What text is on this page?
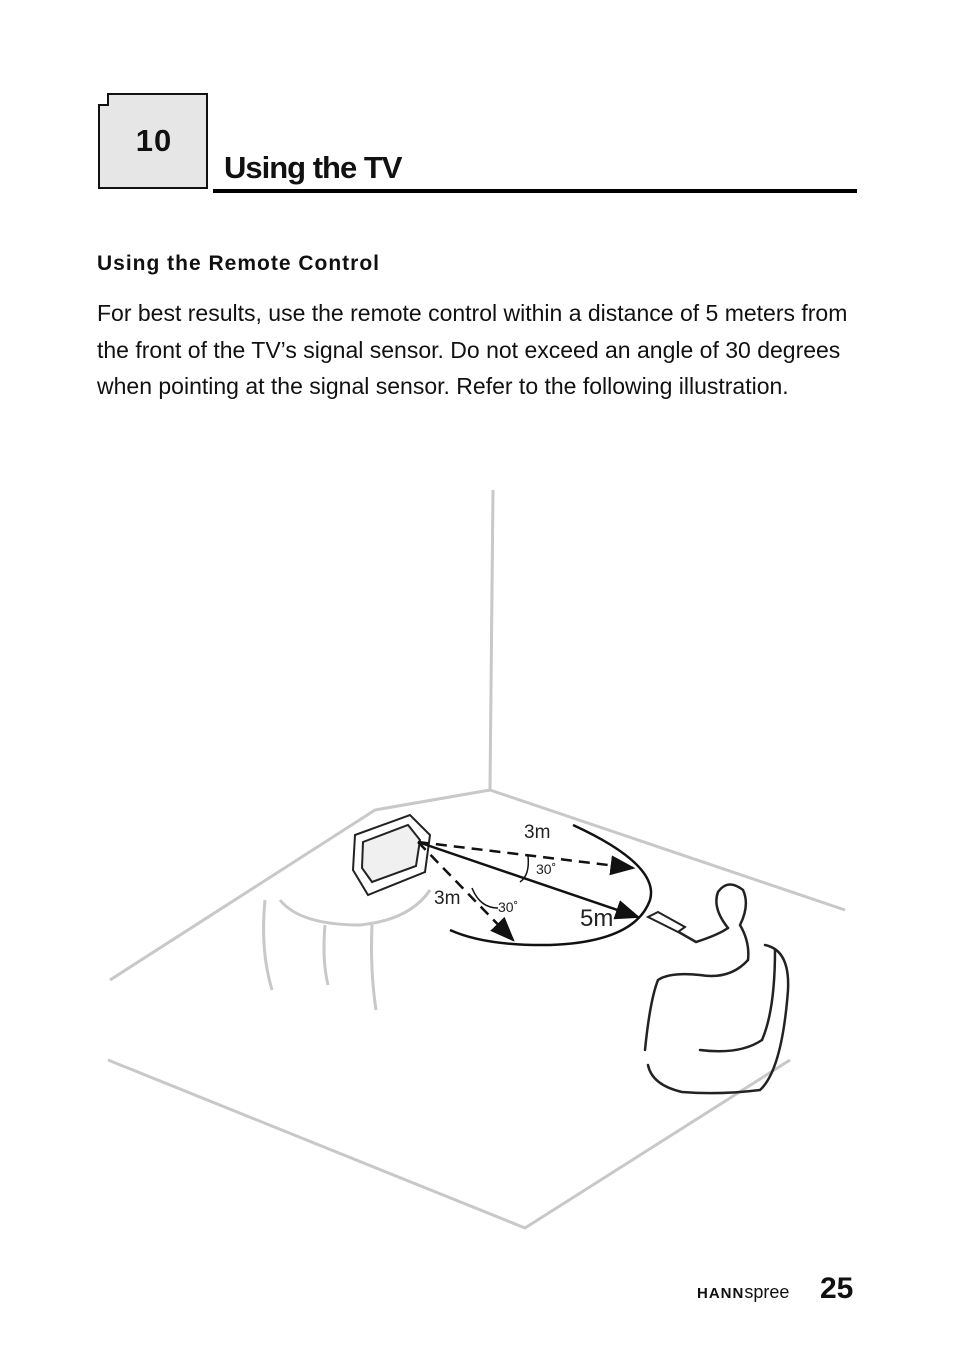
10
Using the TV
Using the Remote Control

For best results, use the remote control within a distance of 5 meters from the front of the TV’s signal sensor. Do not exceed an angle of 30 degrees when pointing at the signal sensor. Refer to the following illustration.

3m
30˚
3m	30˚	5m
HANNspree 25
